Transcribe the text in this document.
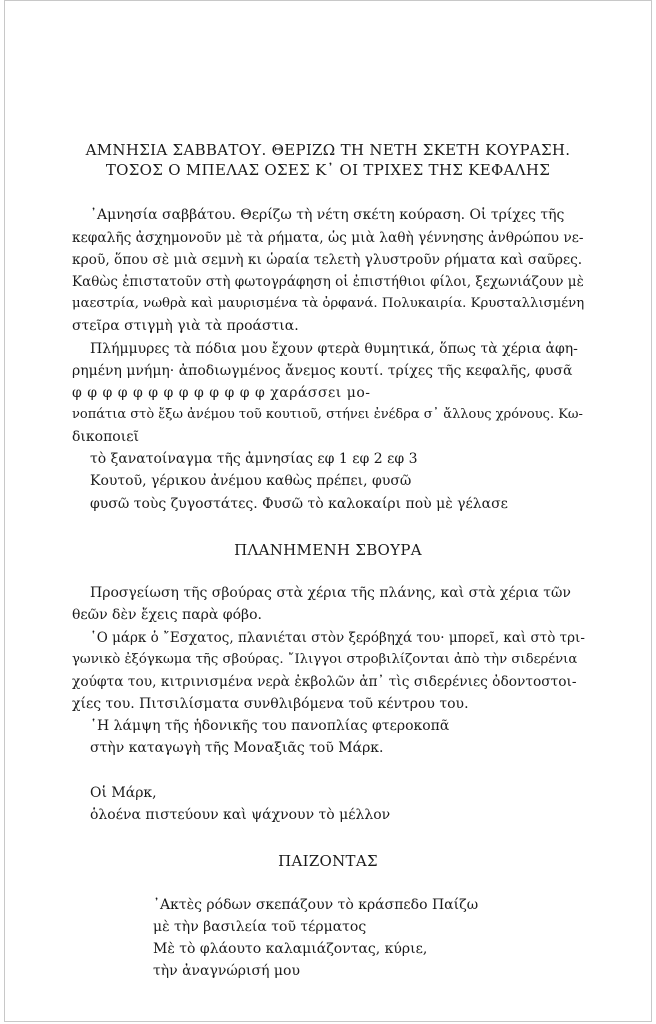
ΑΜΝΗΣΙΑ ΣΑΒΒΑΤΟΥ. ΘΕΡΙΖΩ ΤΗ ΝΕΤΗ ΣΚΕΤΗ ΚΟΥΡΑΣΗ.
ΤΟΣΟΣ Ο ΜΠΕΛΑΣ ΟΣΕΣ Κ᾽ ΟΙ ΤΡΙΧΕΣ ΤΗΣ ΚΕΦΑΛΗΣ
᾿Αμνησία σαββάτου. Θερίζω τὴ νέτη σκέτη κούραση. Οἱ τρίχες τῆς
κεφαλῆς ἀσχημονοῦν μὲ τὰ ρήματα, ὡς μιὰ λαθὴ γέννησης ἀνθρώπου νε-
κροῦ, ὅπου σὲ μιὰ σεμνὴ κι ὡραία τελετὴ γλυστροῦν ρήματα καὶ σαῦρες.
Καθὼς ἐπιστατοῦν στὴ φωτογράφηση οἱ ἐπιστήθιοι φίλοι, ξεχωνιάζουν μὲ
μαεστρία, νωθρὰ καὶ μαυρισμένα τὰ ὀρφανά. Πολυκαιρία. Κρυσταλλισμένη
στεῖρα στιγμὴ γιὰ τὰ προάστια.
Πλήμμυρες τὰ πόδια μου ἔχουν φτερὰ θυμητικά, ὅπως τὰ χέρια ἀφη-
ρημένη μνήμη· ἀποδιωγμένος ἄνεμος κουτί. τρίχες τῆς κεφαλῆς, φυσᾶ
φ φ φ φ φ φ φ φ φ φ φ φ φ χαράσσει μο-
νοπάτια στὸ ἔξω ἀνέμου τοῦ κουτιοῦ, στήνει ἐνέδρα σ᾽ ἄλλους χρόνους. Κω-
δικοποιεῖ
τὸ ξανατοίναγμα τῆς ἀμνησίας εφ 1 εφ 2 εφ 3
Κουτοῦ, γέρικου ἀνέμου καθὼς πρέπει, φυσῶ
φυσῶ τοὺς ζυγοστάτες. Φυσῶ τὸ καλοκαίρι ποὺ μὲ γέλασε
ΠΛΑΝΗΜΕΝΗ ΣΒΟΥΡΑ
Προσγείωση τῆς σβούρας στὰ χέρια τῆς πλάνης, καὶ στὰ χέρια τῶν
θεῶν δὲν ἔχεις παρὰ φόβο.
῾Ο μάρκ ὁ ῎Εσχατος, πλανιέται στὸν ξερόβηχά του· μπορεῖ, καὶ στὸ τρι-
γωνικὸ ἐξόγκωμα τῆς σβούρας. ῎Ιλιγγοι στροβιλίζονται ἀπὸ τὴν σιδερένια
χούφτα του, κιτρινισμένα νερὰ ἐκβολῶν ἀπ᾽ τὶς σιδερένιες ὀδοντοστοι-
χίες του. Πιτσιλίσματα συνθλιβόμενα τοῦ κέντρου του.
῾Η λάμψη τῆς ἡδονικῆς του πανοπλίας φτεροκοπᾶ
στὴν καταγωγὴ τῆς Μοναξιᾶς τοῦ Μάρκ.
Οἱ Μάρκ,
ὁλοένα πιστεύουν καὶ ψάχνουν τὸ μέλλον
ΠΑΙΖΟΝΤΑΣ
᾿Ακτὲς ρόδων σκεπάζουν τὸ κράσπεδο Παίζω
μὲ τὴν βασιλεία τοῦ τέρματος
Μὲ τὸ φλάουτο καλαμιάζοντας, κύριε,
τὴν ἀναγνώρισή μου
